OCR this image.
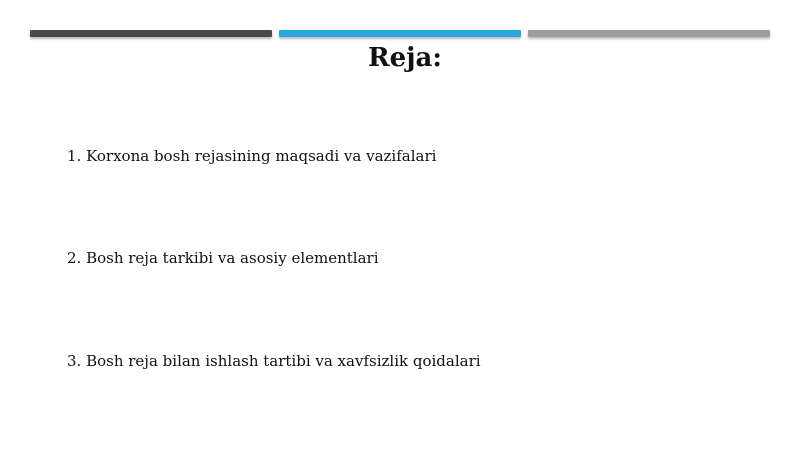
Reja:
1. Korxona bosh rejasining maqsadi va vazifalari
2. Bosh reja tarkibi va asosiy elementlari
3. Bosh reja bilan ishlash tartibi va xavfsizlik qoidalari
